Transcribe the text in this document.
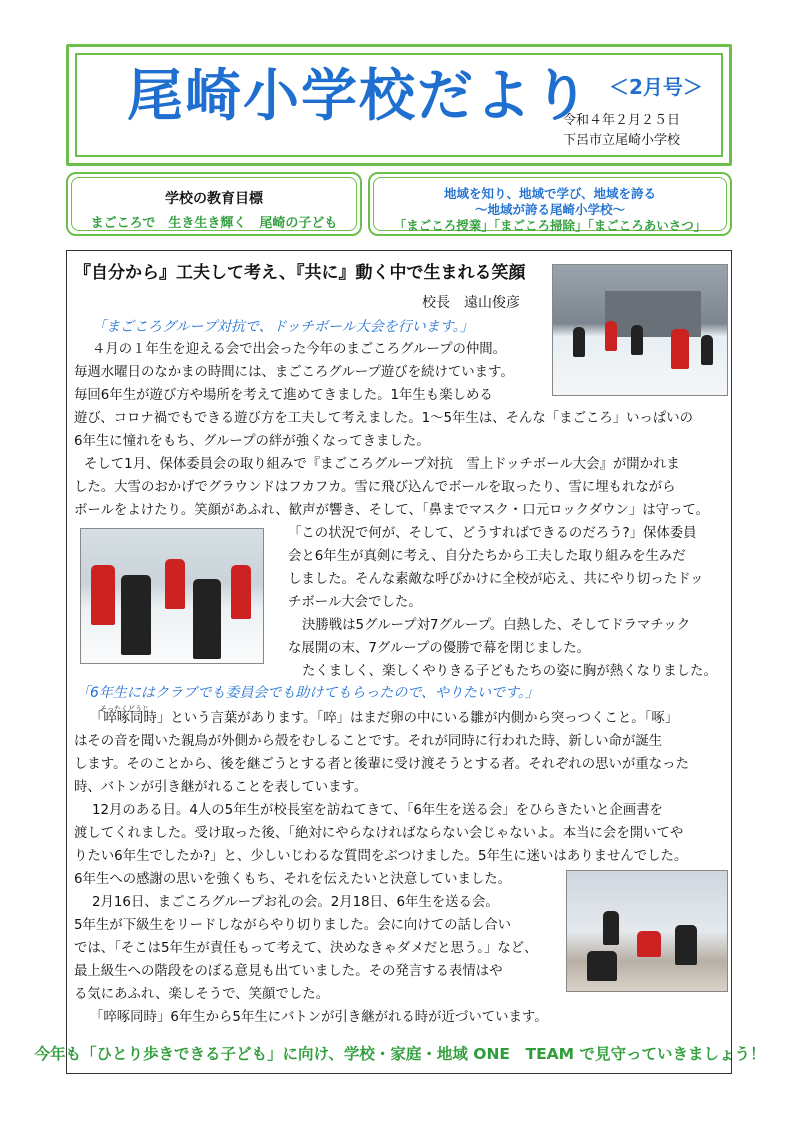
尾崎小学校だより ＜2月号＞
令和４年２月２５日
下呂市立尾崎小学校
学校の教育目標
まごころで　生き生き輝く　尾崎の子ども
地域を知り、地域で学び、地域を誇る
～地域が誇る尾崎小学校～
「まごころ授業」「まごころ掃除」「まごころあいさつ」
『自分から』工夫して考え、『共に』動く中で生まれる笑顔
校長　遠山俊彦
「まごころグループ対抗で、ドッチボール大会を行います。」
４月の１年生を迎える会で出会った今年のまごころグループの仲間。
毎週水曜日のなかまの時間には、まごころグループ遊びを続けています。
毎回6年生が遊び方や場所を考えて進めてきました。1年生も楽しめる
遊び、コロナ禍でもできる遊び方を工夫して考えました。1～5年生は、そんな「まごころ」いっぱいの
6年生に憧れをもち、グループの絆が強くなってきました。
そして1月、保体委員会の取り組みで『まごころグループ対抗　雪上ドッチボール大会』が開かれま
した。大雪のおかげでグラウンドはフカフカ。雪に飛び込んでボールを取ったり、雪に埋もれながら
ボールをよけたり。笑顔があふれ、歓声が響き、そして、「鼻までマスク・口元ロックダウン」は守って。
「この状況で何が、そして、どうすればできるのだろう?」保体委員
会と6年生が真剣に考え、自分たちから工夫した取り組みを生みだ
しました。そんな素敵な呼びかけに全校が応え、共にやり切ったドッ
チボール大会でした。
決勝戦は5グループ対7グループ。白熱した、そしてドラマチック
な展開の末、7グループの優勝で幕を閉じました。
たくましく、楽しくやりきる子どもたちの姿に胸が熱くなりました。
「6年生にはクラブでも委員会でも助けてもらったので、やりたいです。」
そったくどうじ
「啐啄同時」という言葉があります。「啐」はまだ卵の中にいる雛が内側から突っつくこと。「啄」
はその音を聞いた親鳥が外側から殻をむしることです。それが同時に行われた時、新しい命が誕生
します。そのことから、後を継ごうとする者と後輩に受け渡そうとする者。それぞれの思いが重なった
時、バトンが引き継がれることを表しています。
12月のある日。4人の5年生が校長室を訪ねてきて、「6年生を送る会」をひらきたいと企画書を
渡してくれました。受け取った後、「絶対にやらなければならない会じゃないよ。本当に会を開いてや
りたい6年生でしたか?」と、少しいじわるな質問をぶつけました。5年生に迷いはありませんでした。
6年生への感謝の思いを強くもち、それを伝えたいと決意していました。
2月16日、まごころグループお礼の会。2月18日、6年生を送る会。
5年生が下級生をリードしながらやり切りました。会に向けての話し合い
では、「そこは5年生が責任もって考えて、決めなきゃダメだと思う。」など、
最上級生への階段をのぼる意見も出ていました。その発言する表情はや
る気にあふれ、楽しそうで、笑顔でした。
「啐啄同時」6年生から5年生にバトンが引き継がれる時が近づいています。
今年も「ひとり歩きできる子ども」に向け、学校・家庭・地域 ONE　TEAM で見守っていきましょう！
